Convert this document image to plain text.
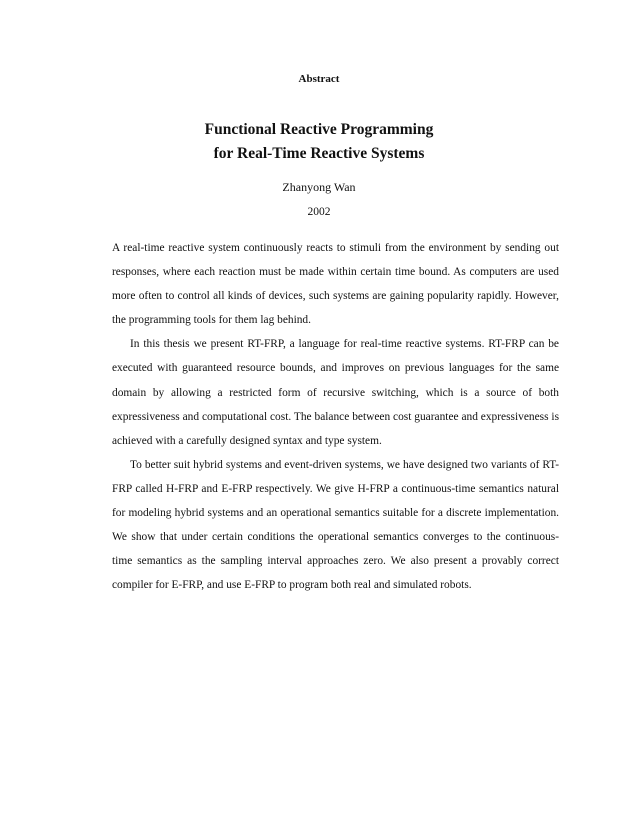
Abstract
Functional Reactive Programming
for Real-Time Reactive Systems
Zhanyong Wan
2002

A real-time reactive system continuously reacts to stimuli from the environment by sending out responses, where each reaction must be made within certain time bound. As computers are used more often to control all kinds of devices, such systems are gaining popularity rapidly. However, the programming tools for them lag behind.

In this thesis we present RT-FRP, a language for real-time reactive systems. RT-FRP can be executed with guaranteed resource bounds, and improves on previous languages for the same domain by allowing a restricted form of recursive switching, which is a source of both expressiveness and computational cost. The balance between cost guarantee and expressiveness is achieved with a carefully designed syntax and type system.

To better suit hybrid systems and event-driven systems, we have designed two variants of RT-FRP called H-FRP and E-FRP respectively. We give H-FRP a continuous-time semantics natural for modeling hybrid systems and an operational semantics suitable for a discrete implementation. We show that under certain conditions the operational semantics converges to the continuous-time semantics as the sampling interval approaches zero. We also present a provably correct compiler for E-FRP, and use E-FRP to program both real and simulated robots.
